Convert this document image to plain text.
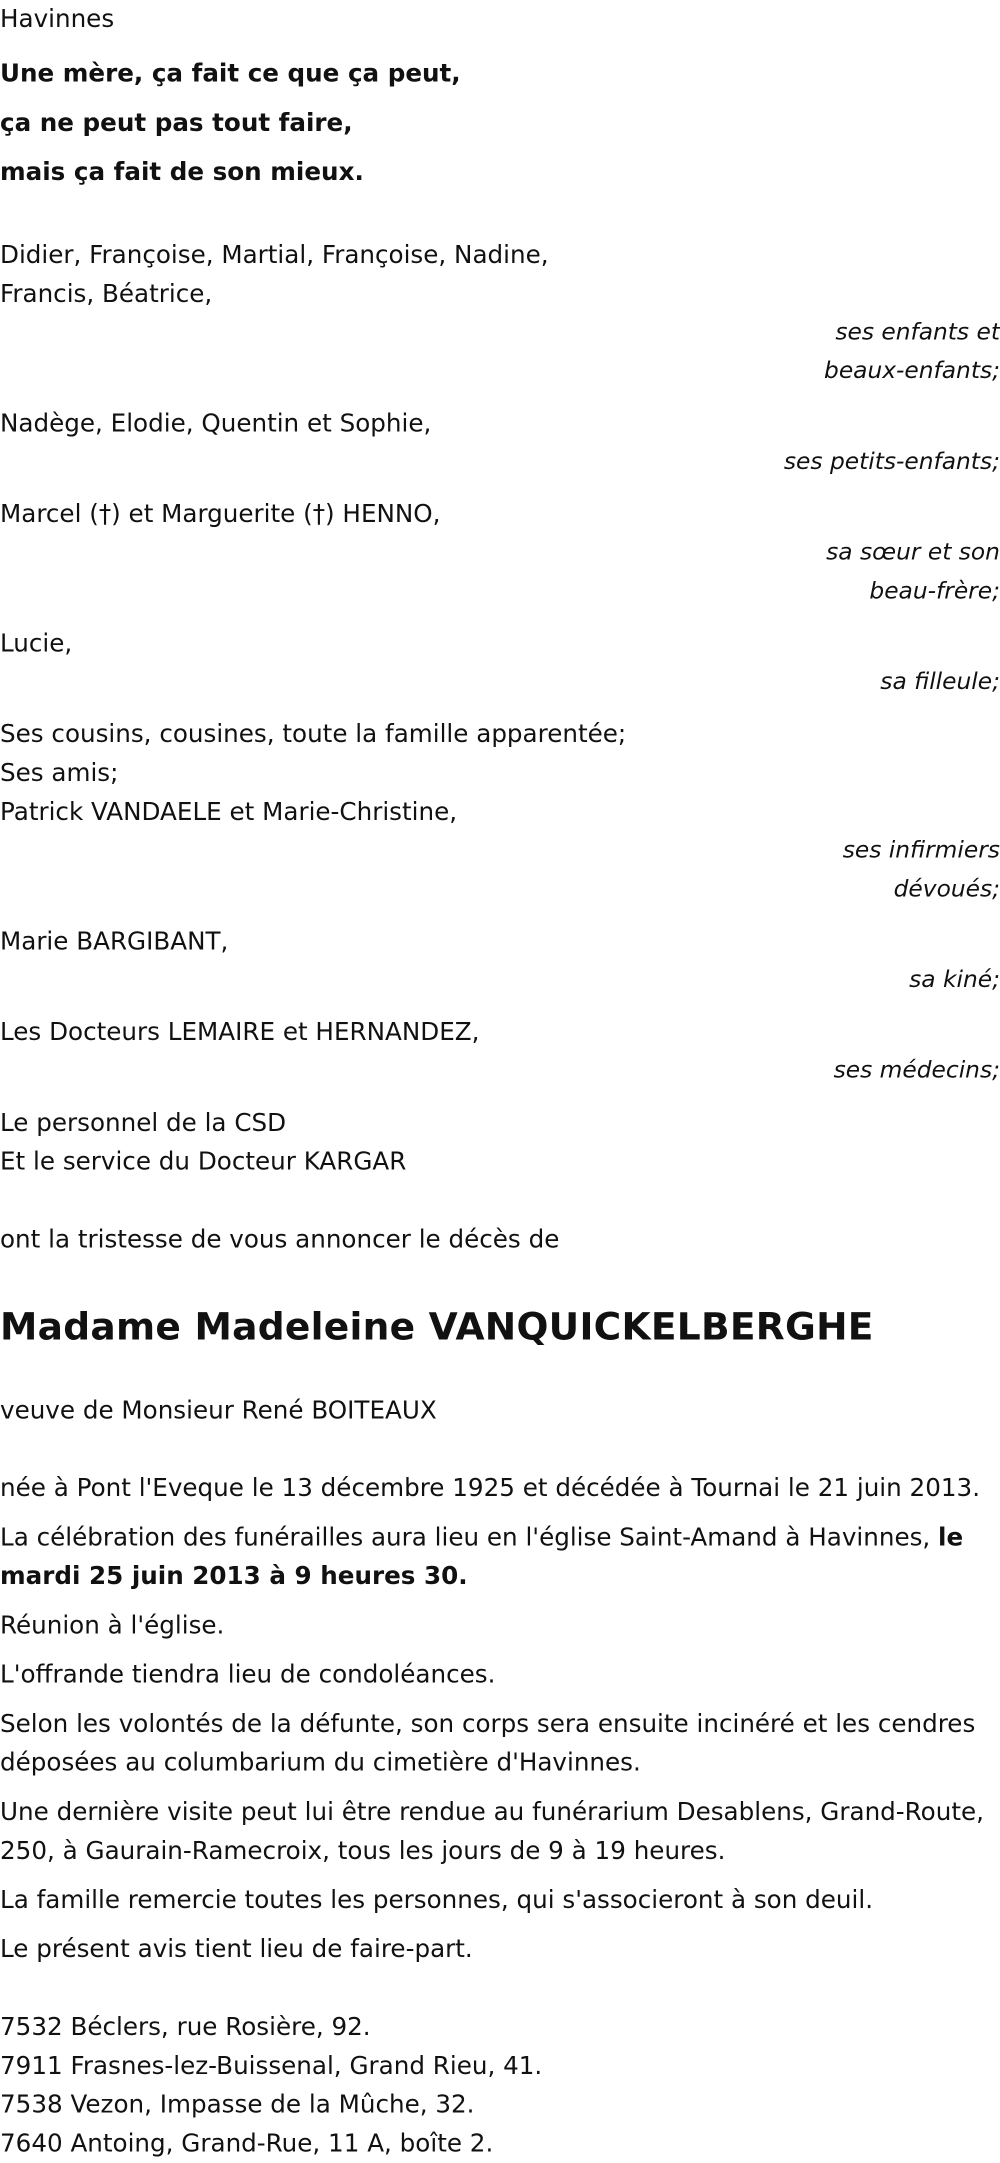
Havinnes

Une mère, ça fait ce que ça peut,

ça ne peut pas tout faire,

mais ça fait de son mieux.

Didier, Françoise, Martial, Françoise, Nadine,

Francis, Béatrice,

ses enfants et

beaux-enfants;

Nadège, Elodie, Quentin et Sophie,

ses petits-enfants;

Marcel (†) et Marguerite (†) HENNO,

sa sœur et son

beau-frère;

Lucie,

sa filleule;

Ses cousins, cousines, toute la famille apparentée;

Ses amis;

Patrick VANDAELE et Marie-Christine,

ses infirmiers

dévoués;

Marie BARGIBANT,

sa kiné;

Les Docteurs LEMAIRE et HERNANDEZ,

ses médecins;

Le personnel de la CSD

Et le service du Docteur KARGAR

ont la tristesse de vous annoncer le décès de

Madame Madeleine VANQUICKELBERGHE

veuve de Monsieur René BOITEAUX

née à Pont l'Eveque le 13 décembre 1925 et décédée à Tournai le 21 juin 2013.

La célébration des funérailles aura lieu en l'église Saint-Amand à Havinnes, le mardi 25 juin 2013 à 9 heures 30.

Réunion à l'église.

L'offrande tiendra lieu de condoléances.

Selon les volontés de la défunte, son corps sera ensuite incinéré et les cendres déposées au columbarium du cimetière d'Havinnes.

Une dernière visite peut lui être rendue au funérarium Desablens, Grand-Route, 250, à Gaurain-Ramecroix, tous les jours de 9 à 19 heures.

La famille remercie toutes les personnes, qui s'associeront à son deuil.

Le présent avis tient lieu de faire-part.

7532 Béclers, rue Rosière, 92.

7911 Frasnes-lez-Buissenal, Grand Rieu, 41.

7538 Vezon, Impasse de la Mûche, 32.

7640 Antoing, Grand-Rue, 11 A, boîte 2.
